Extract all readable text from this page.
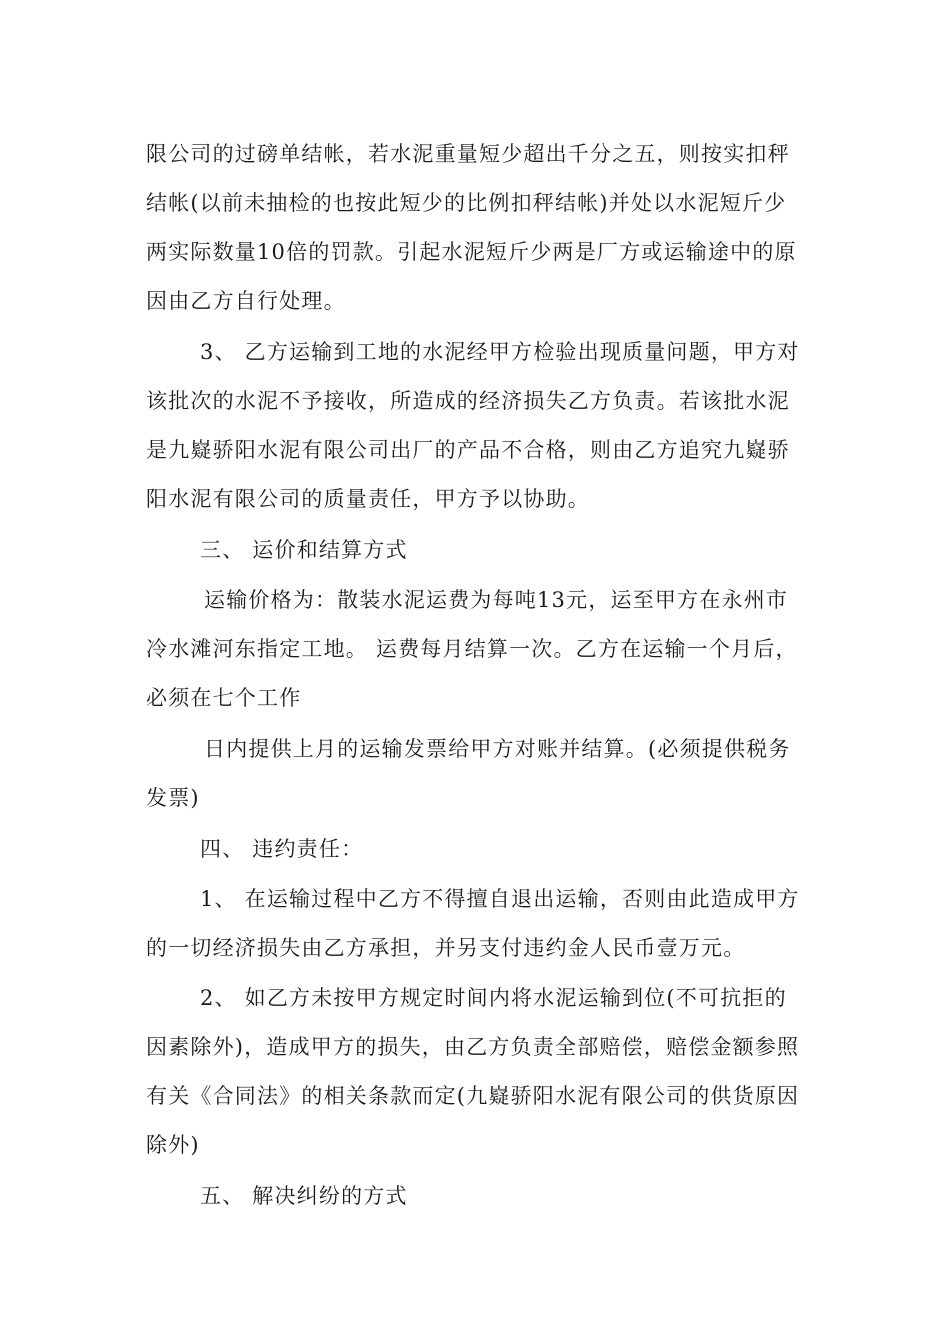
限公司的过磅单结帐，若水泥重量短少超出千分之五，则按实扣秤
结帐(以前未抽检的也按此短少的比例扣秤结帐)并处以水泥短斤少
两实际数量10倍的罚款。引起水泥短斤少两是厂方或运输途中的原
因由乙方自行处理。
3、 乙方运输到工地的水泥经甲方检验出现质量问题，甲方对
该批次的水泥不予接收，所造成的经济损失乙方负责。若该批水泥
是九嶷骄阳水泥有限公司出厂的产品不合格，则由乙方追究九嶷骄
阳水泥有限公司的质量责任，甲方予以协助。
三、 运价和结算方式
运输价格为：散装水泥运费为每吨13元，运至甲方在永州市
冷水滩河东指定工地。 运费每月结算一次。乙方在运输一个月后，
必须在七个工作
日内提供上月的运输发票给甲方对账并结算。(必须提供税务
发票)
四、 违约责任：
1、 在运输过程中乙方不得擅自退出运输，否则由此造成甲方
的一切经济损失由乙方承担，并另支付违约金人民币壹万元。
2、 如乙方未按甲方规定时间内将水泥运输到位(不可抗拒的
因素除外)，造成甲方的损失，由乙方负责全部赔偿，赔偿金额参照
有关《合同法》的相关条款而定(九嶷骄阳水泥有限公司的供货原因
除外)
五、 解决纠纷的方式
